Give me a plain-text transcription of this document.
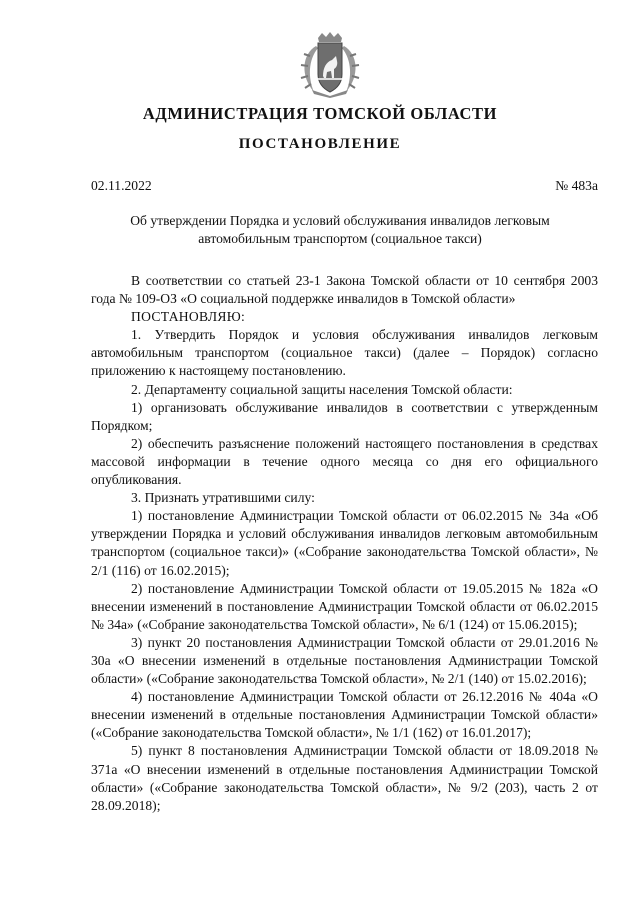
АДМИНИСТРАЦИЯ ТОМСКОЙ ОБЛАСТИ
ПОСТАНОВЛЕНИЕ
02.11.2022	№ 483а
Об утверждении Порядка и условий обслуживания инвалидов легковым
автомобильным транспортом (социальное такси)

В соответствии со статьей 23-1 Закона Томской области от 10 сентября 2003 года № 109-ОЗ «О социальной поддержке инвалидов в Томской области»

ПОСТАНОВЛЯЮ:

1. Утвердить Порядок и условия обслуживания инвалидов легковым автомобильным транспортом (социальное такси) (далее – Порядок) согласно приложению к настоящему постановлению.

2. Департаменту социальной защиты населения Томской области:

1) организовать обслуживание инвалидов в соответствии с утвержденным Порядком;

2) обеспечить разъяснение положений настоящего постановления в средствах массовой информации в течение одного месяца со дня его официального опубликования.

3. Признать утратившими силу:

1) постановление Администрации Томской области от 06.02.2015 № 34а «Об утверждении Порядка и условий обслуживания инвалидов легковым автомобильным транспортом (социальное такси)» («Собрание законодательства Томской области», № 2/1 (116) от 16.02.2015);

2) постановление Администрации Томской области от 19.05.2015 № 182а «О внесении изменений в постановление Администрации Томской области от 06.02.2015 № 34а» («Собрание законодательства Томской области», № 6/1 (124) от 15.06.2015);

3) пункт 20 постановления Администрации Томской области от 29.01.2016 № 30а «О внесении изменений в отдельные постановления Администрации Томской области» («Собрание законодательства Томской области», № 2/1 (140) от 15.02.2016);

4) постановление Администрации Томской области от 26.12.2016 № 404а «О внесении изменений в отдельные постановления Администрации Томской области» («Собрание законодательства Томской области», № 1/1 (162) от 16.01.2017);

5) пункт 8 постановления Администрации Томской области от 18.09.2018 № 371а «О внесении изменений в отдельные постановления Администрации Томской области» («Собрание законодательства Томской области», № 9/2 (203), часть 2 от 28.09.2018);
